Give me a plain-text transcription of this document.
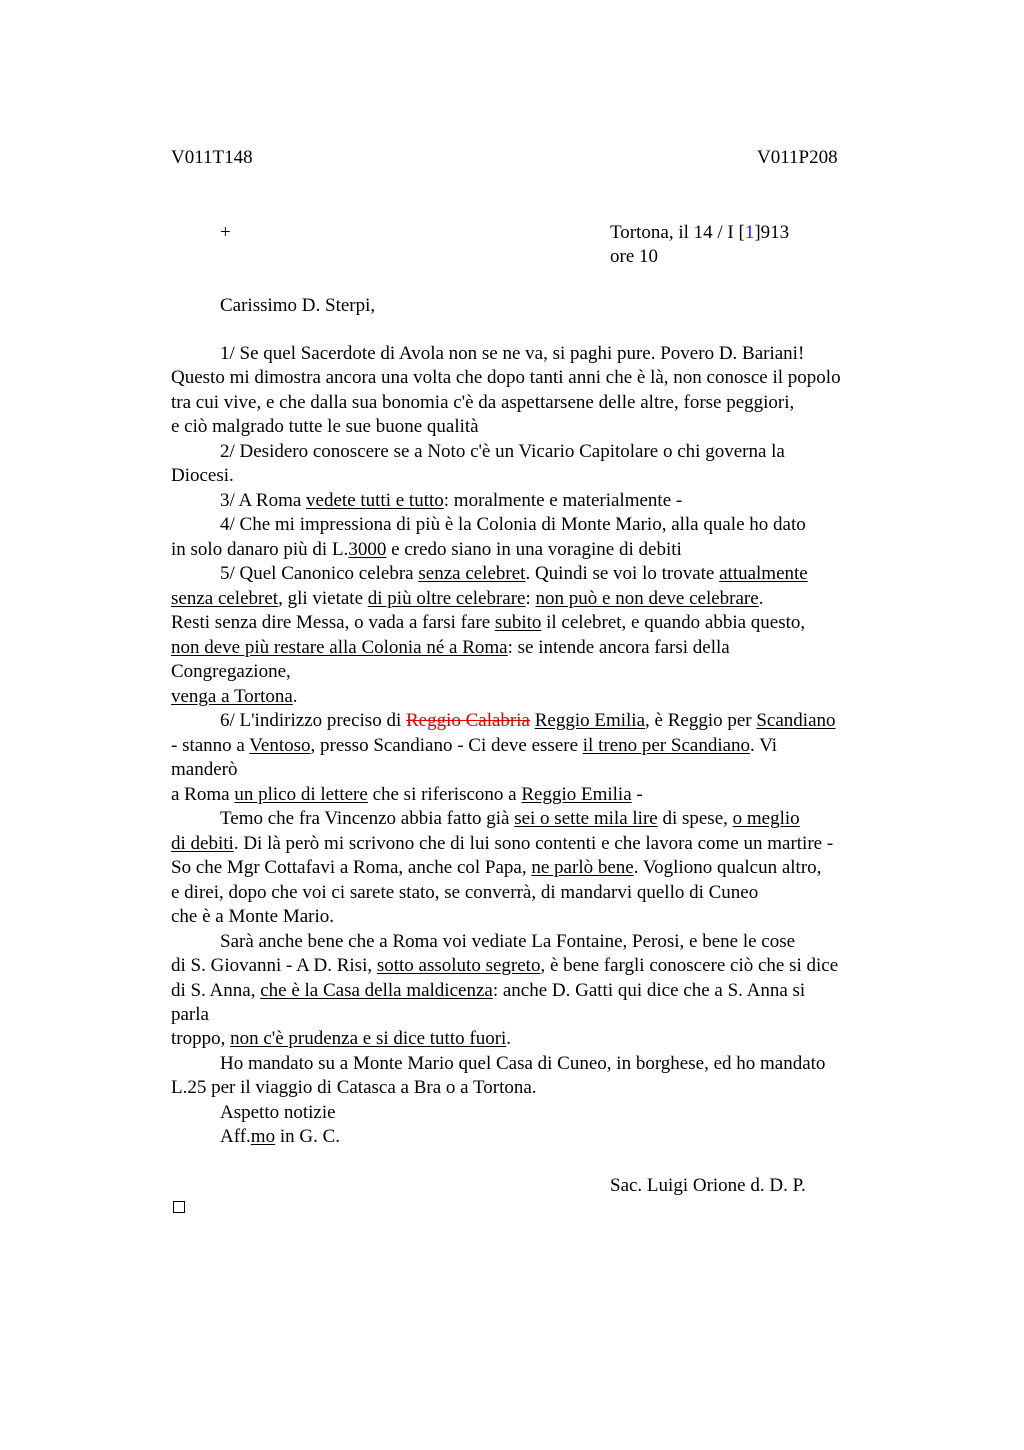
V011T148	V011P208
+	Tortona, il 14 / I [1]913
ore 10
Carissimo D. Sterpi,
1/ Se quel Sacerdote di Avola non se ne va, si paghi pure. Povero D. Bariani!
Questo mi dimostra ancora una volta che dopo tanti anni che è là, non conosce il popolo
tra cui vive, e che dalla sua bonomia c'è da aspettarsene delle altre, forse peggiori,
e ciò malgrado tutte le sue buone qualità
2/ Desidero conoscere se a Noto c'è un Vicario Capitolare o chi governa la
Diocesi.
3/ A Roma vedete tutti e tutto: moralmente e materialmente -
4/ Che mi impressiona di più è la Colonia di Monte Mario, alla quale ho dato
in solo danaro più di L.3000 e credo siano in una voragine di debiti
5/ Quel Canonico celebra senza celebret. Quindi se voi lo trovate attualmente
senza celebret, gli vietate di più oltre celebrare: non può e non deve celebrare.
Resti senza dire Messa, o vada a farsi fare subito il celebret, e quando abbia questo,
non deve più restare alla Colonia né a Roma: se intende ancora farsi della
Congregazione,
venga a Tortona.
6/ L'indirizzo preciso di Reggio Calabria Reggio Emilia, è Reggio per Scandiano
- stanno a Ventoso, presso Scandiano - Ci deve essere il treno per Scandiano. Vi
manderò
a Roma un plico di lettere che si riferiscono a Reggio Emilia -
Temo che fra Vincenzo abbia fatto già sei o sette mila lire di spese, o meglio
di debiti. Di là però mi scrivono che di lui sono contenti e che lavora come un martire -
So che Mgr Cottafavi a Roma, anche col Papa, ne parlò bene. Vogliono qualcun altro,
e direi, dopo che voi ci sarete stato, se converrà, di mandarvi quello di Cuneo
che è a Monte Mario.
Sarà anche bene che a Roma voi vediate La Fontaine, Perosi, e bene le cose
di S. Giovanni - A D. Risi, sotto assoluto segreto, è bene fargli conoscere ciò che si dice
di S. Anna, che è la Casa della maldicenza: anche D. Gatti qui dice che a S. Anna si
parla
troppo, non c'è prudenza e si dice tutto fuori.
Ho mandato su a Monte Mario quel Casa di Cuneo, in borghese, ed ho mandato
L.25 per il viaggio di Catasca a Bra o a Tortona.
Aspetto notizie
Aff.mo in G. C.
Sac. Luigi Orione d. D. P.
